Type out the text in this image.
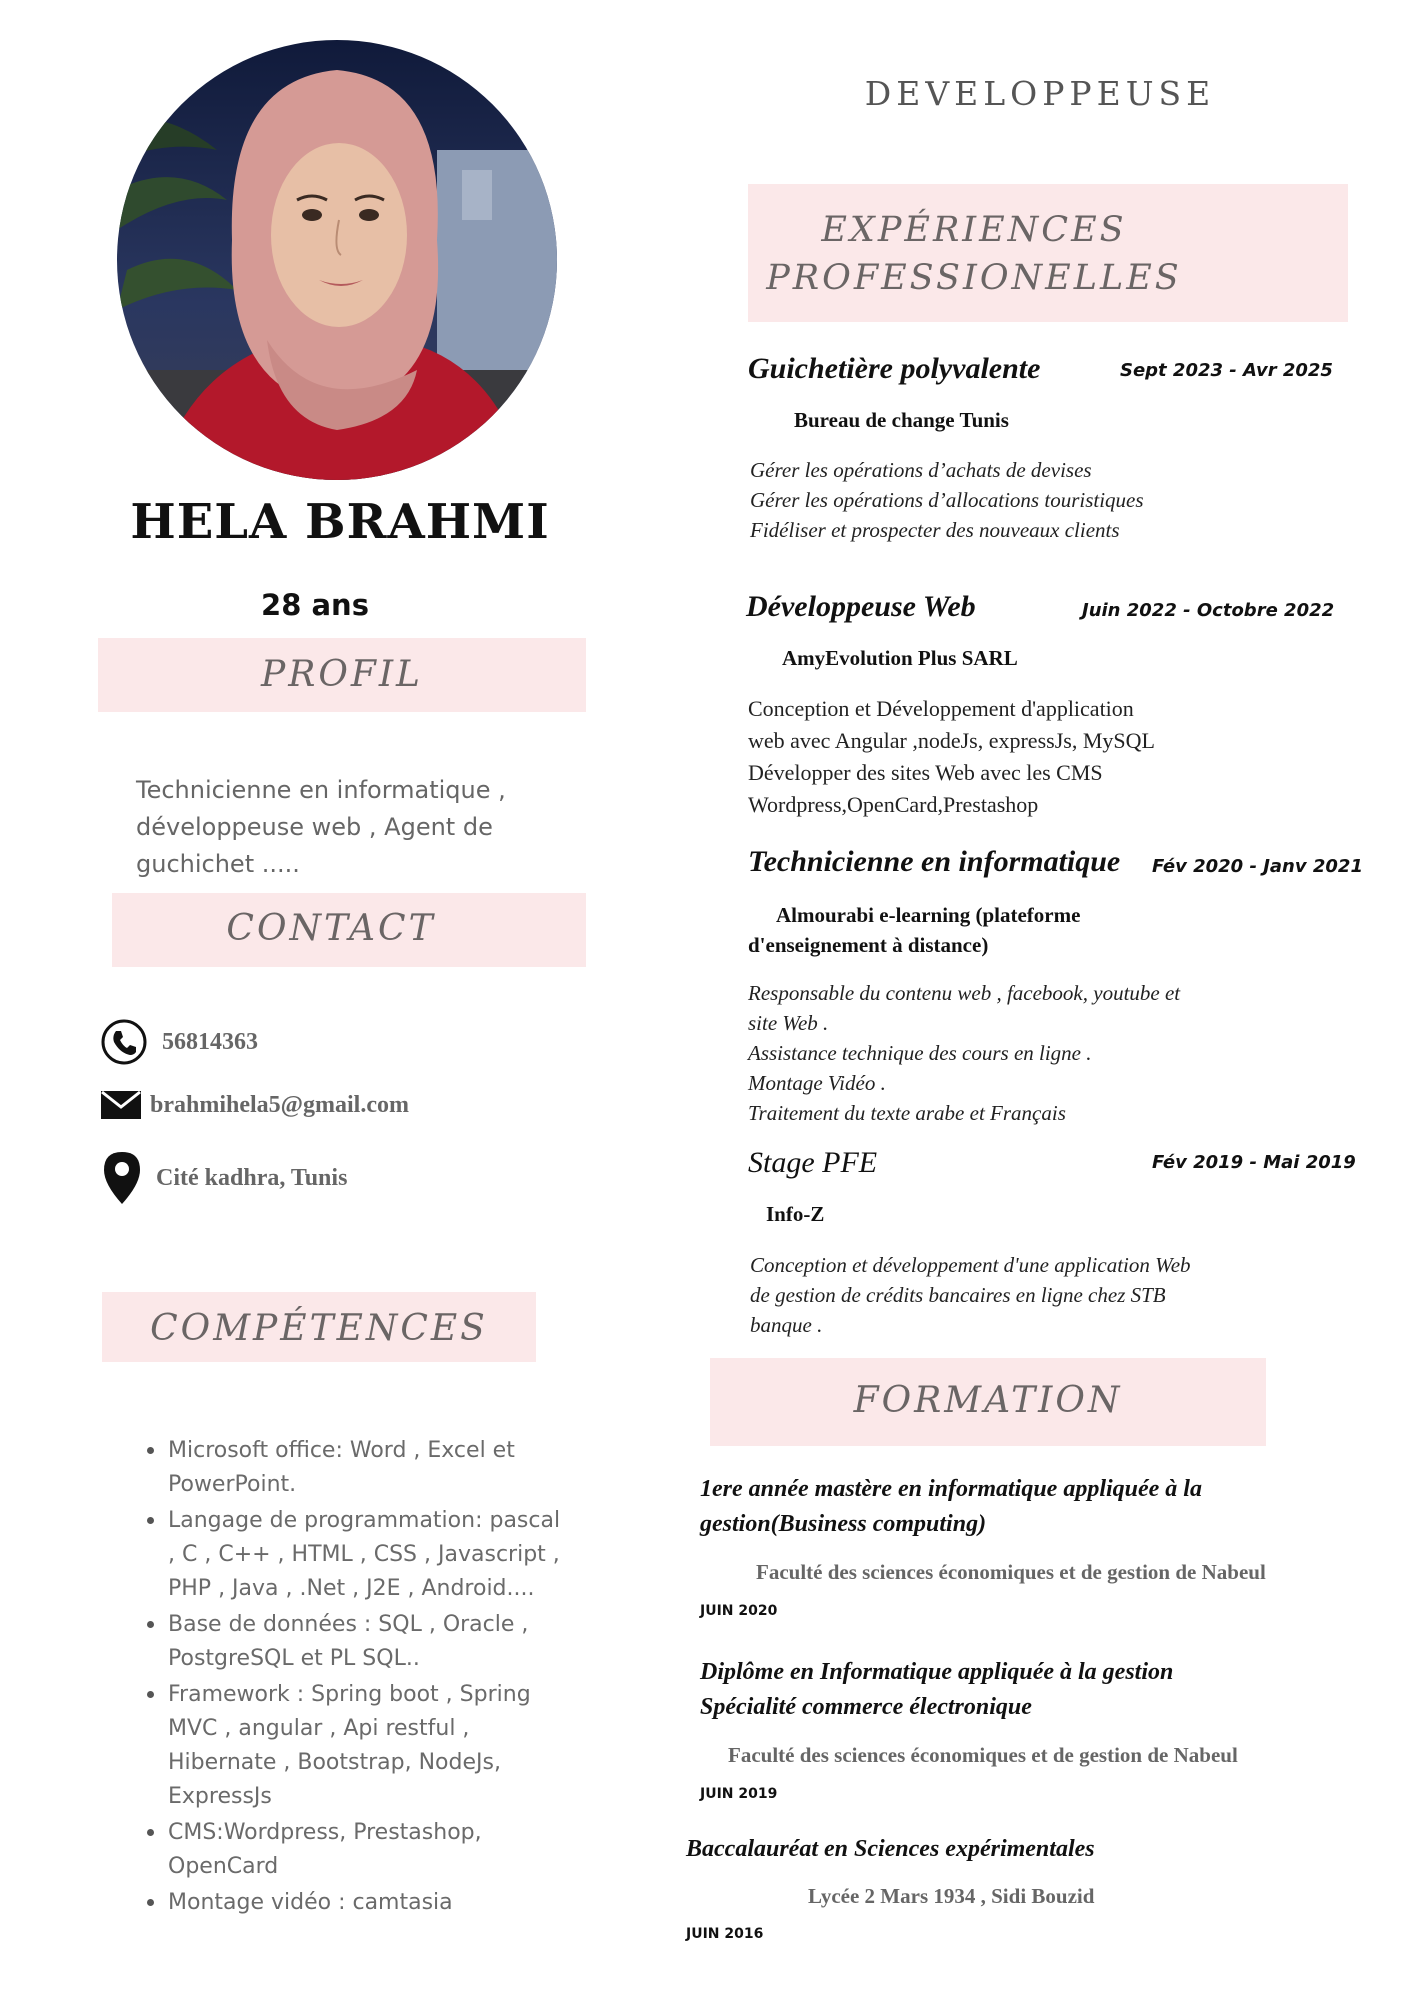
HELA BRAHMI
28 ans
PROFIL
Technicienne en informatique , développeuse web , Agent de guchichet .....
CONTACT
56814363
brahmihela5@gmail.com
Cité kadhra, Tunis
COMPÉTENCES
• Microsoft office: Word , Excel et PowerPoint.
• Langage de programmation: pascal , C , C++ , HTML , CSS , Javascript , PHP , Java , .Net , J2E , Android....
• Base de données : SQL , Oracle , PostgreSQL et PL SQL..
• Framework : Spring boot , Spring MVC , angular , Api restful , Hibernate , Bootstrap, NodeJs, ExpressJs
• CMS:Wordpress, Prestashop, OpenCard
• Montage vidéo : camtasia
DEVELOPPEUSE
EXPÉRIENCES
PROFESSIONELLES
Guichetière polyvalente	Sept 2023 - Avr 2025
Bureau de change Tunis
Gérer les opérations d’achats de devises
Gérer les opérations d’allocations touristiques
Fidéliser et prospecter des nouveaux clients
Développeuse Web	Juin 2022 - Octobre 2022
AmyEvolution Plus SARL
Conception et Développement d'application
web avec Angular ,nodeJs, expressJs, MySQL
Développer des sites Web avec les CMS
Wordpress,OpenCard,Prestashop
Technicienne en informatique Fév 2020 - Janv 2021
Almourabi e-learning (plateforme d'enseignement à distance)
Responsable du contenu web , facebook, youtube et
site Web .
Assistance technique des cours en ligne .
Montage Vidéo .
Traitement du texte arabe et Français
Stage PFE	Fév 2019 - Mai 2019
Info-Z
Conception et développement d'une application Web
de gestion de crédits bancaires en ligne chez STB
banque .
FORMATION
1ere année mastère en informatique appliquée à la gestion(Business computing)
Faculté des sciences économiques et de gestion de Nabeul
JUIN 2020
Diplôme en Informatique appliquée à la gestion Spécialité commerce électronique
Faculté des sciences économiques et de gestion de Nabeul
JUIN 2019
Baccalauréat en Sciences expérimentales
Lycée 2 Mars 1934 , Sidi Bouzid
JUIN 2016
